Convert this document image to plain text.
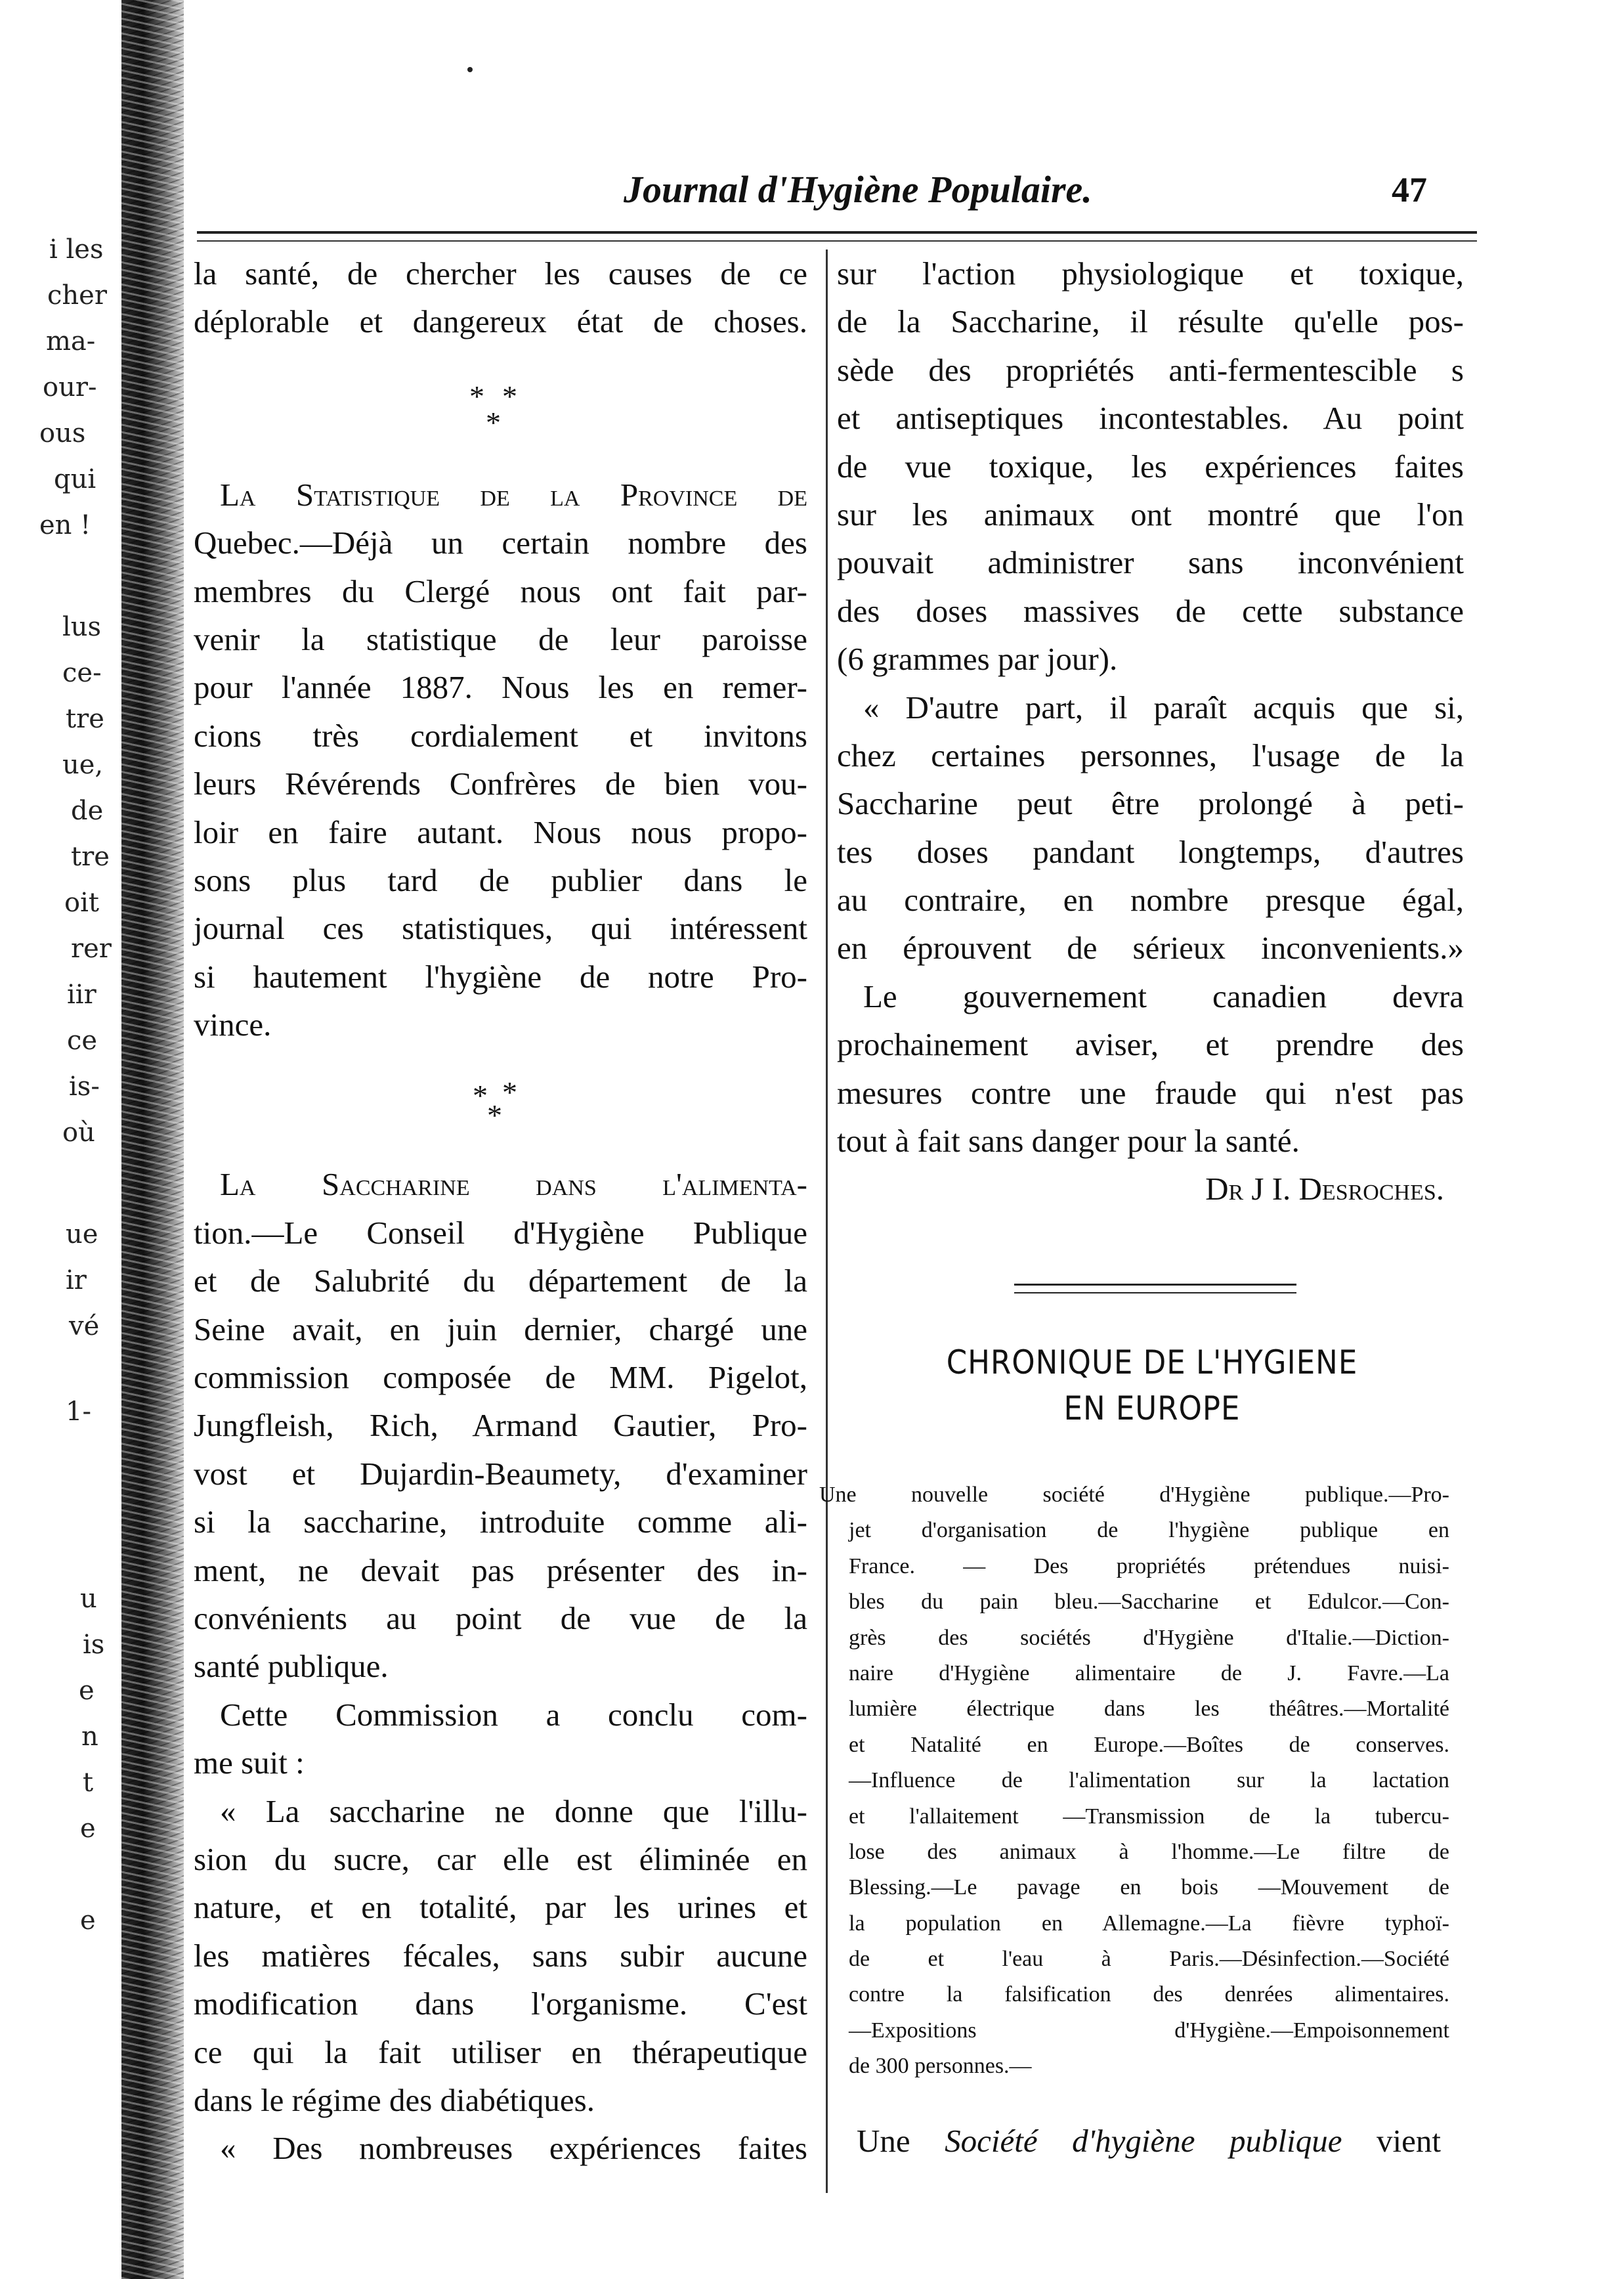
i les
cher
ma-
our-
ous
qui
en !
lus
ce-
tre
ue,
de
tre
oit
rer
iir
ce
is-
où
ue
ir
vé
1-
u
is
e
n
t
e
e
Journal d'Hygiène Populaire.	47
la santé, de chercher les causes de ce
déplorable et dangereux état de choses.
* *
*
La Statistique de la Province de
Quebec.—Déjà un certain nombre des
membres du Clergé nous ont fait par-
venir la statistique de leur paroisse
pour l'année 1887. Nous les en remer-
cions très cordialement et invitons
leurs Révérends Confrères de bien vou-
loir en faire autant. Nous nous propo-
sons plus tard de publier dans le
journal ces statistiques, qui intéressent
si hautement l'hygiène de notre Pro-
vince.
* *
*
La Saccharine dans l'alimenta-
tion.—Le Conseil d'Hygiène Publique
et de Salubrité du département de la
Seine avait, en juin dernier, chargé une
commission composée de MM. Pigelot,
Jungfleish, Rich, Armand Gautier, Pro-
vost et Dujardin-Beaumety, d'examiner
si la saccharine, introduite comme ali-
ment, ne devait pas présenter des in-
convénients au point de vue de la
santé publique.
Cette Commission a conclu com-
me suit :
« La saccharine ne donne que l'illu-
sion du sucre, car elle est éliminée en
nature, et en totalité, par les urines et
les matières fécales, sans subir aucune
modification dans l'organisme. C'est
ce qui la fait utiliser en thérapeutique
dans le régime des diabétiques.
« Des nombreuses expériences faites
sur l'action physiologique et toxique,
de la Saccharine, il résulte qu'elle pos-
sède des propriétés anti-fermentescible s
et antiseptiques incontestables. Au point
de vue toxique, les expériences faites
sur les animaux ont montré que l'on
pouvait administrer sans inconvénient
des doses massives de cette substance
(6 grammes par jour).
« D'autre part, il paraît acquis que si,
chez certaines personnes, l'usage de la
Saccharine peut être prolongé à peti-
tes doses pandant longtemps, d'autres
au contraire, en nombre presque égal,
en éprouvent de sérieux inconvenients.»
Le gouvernement canadien devra
prochainement aviser, et prendre des
mesures contre une fraude qui n'est pas
tout à fait sans danger pour la santé.
Dr J I. Desroches.
CHRONIQUE DE L'HYGIENE
EN EUROPE
Une nouvelle société d'Hygiène publique.—Pro-
jet d'organisation de l'hygiène publique en
France. — Des propriétés prétendues nuisi-
bles du pain bleu.—Saccharine et Edulcor.—Con-
grès des sociétés d'Hygiène d'Italie.—Diction-
naire d'Hygiène alimentaire de J. Favre.—La
lumière électrique dans les théâtres.—Mortalité
et Natalité en Europe.—Boîtes de conserves.
—Influence de l'alimentation sur la lactation
et l'allaitement —Transmission de la tubercu-
lose des animaux à l'homme.—Le filtre de
Blessing.—Le pavage en bois —Mouvement de
la population en Allemagne.—La fièvre typhoï-
de et l'eau à Paris.—Désinfection.—Société
contre la falsification des denrées alimentaires.
—Expositions d'Hygiène.—Empoisonnement
de 300 personnes.—
Une Société d'hygiène publique vient
